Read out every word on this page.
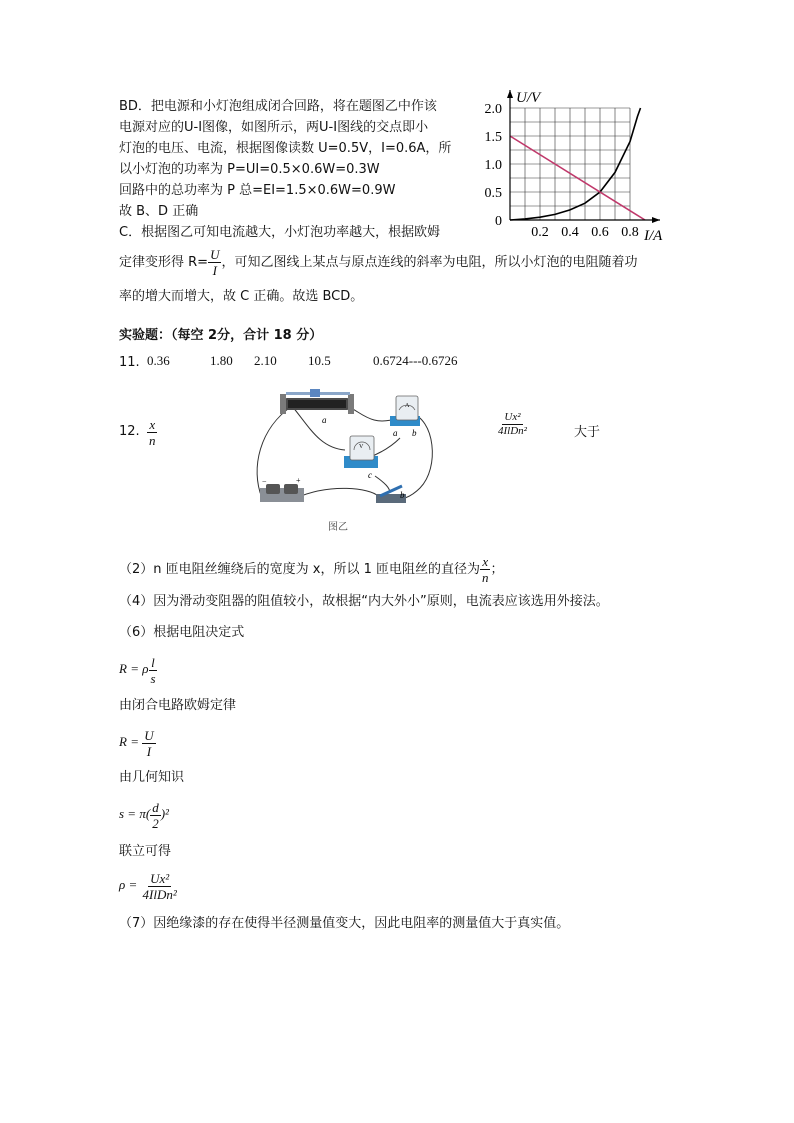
BD．把电源和小灯泡组成闭合回路，将在题图乙中作该
电源对应的U-I图像，如图所示，两U-I图线的交点即小
灯泡的电压、电流，根据图像读数 U=0.5V，I=0.6A，所
以小灯泡的功率为 P=UI=0.5×0.6W=0.3W
回路中的总功率为 P 总=EI=1.5×0.6W=0.9W
故 B、D 正确
C．根据图乙可知电流越大，小灯泡功率越大，根据欧姆
定律变形得 $R= \frac{U}{I}$ ，可知乙图线上某点与原点连线的斜率为电阻，所以小灯泡的电阻随着功
率的增大而增大，故 C 正确。故选 BCD。
0.2 0.4 0.6 0.8
0
0.5
1.0
1.5
2.0
U/V
I/A
实验题：（每空 2分，合计 18 分）
11. 0.36	1.80 2.10 10.5	0.6724---0.6726
12. $\frac{x}{n}$
Ux²
4IlDn²	大于
A
V
a
a b
c
b
−	+
图乙
（2）n 匝电阻丝缠绕后的宽度为 x，所以 1 匝电阻丝的直径为 $\frac{x}{n}$ ；
（4）因为滑动变阻器的阻值较小，故根据“内大外小”原则，电流表应该选用外接法。
（6）根据电阻决定式
R = ρ $\frac{l}{s}$
由闭合电路欧姆定律
$R = \frac{U}{I}$
由几何知识
$s = \pi( \frac{d}{2} )^2$
联立可得
$\rho = \frac{\text{Ux²}}{\text{4IlDn²}}$
（7）因绝缘漆的存在使得半径测量值变大，因此电阻率的测量值大于真实值。
